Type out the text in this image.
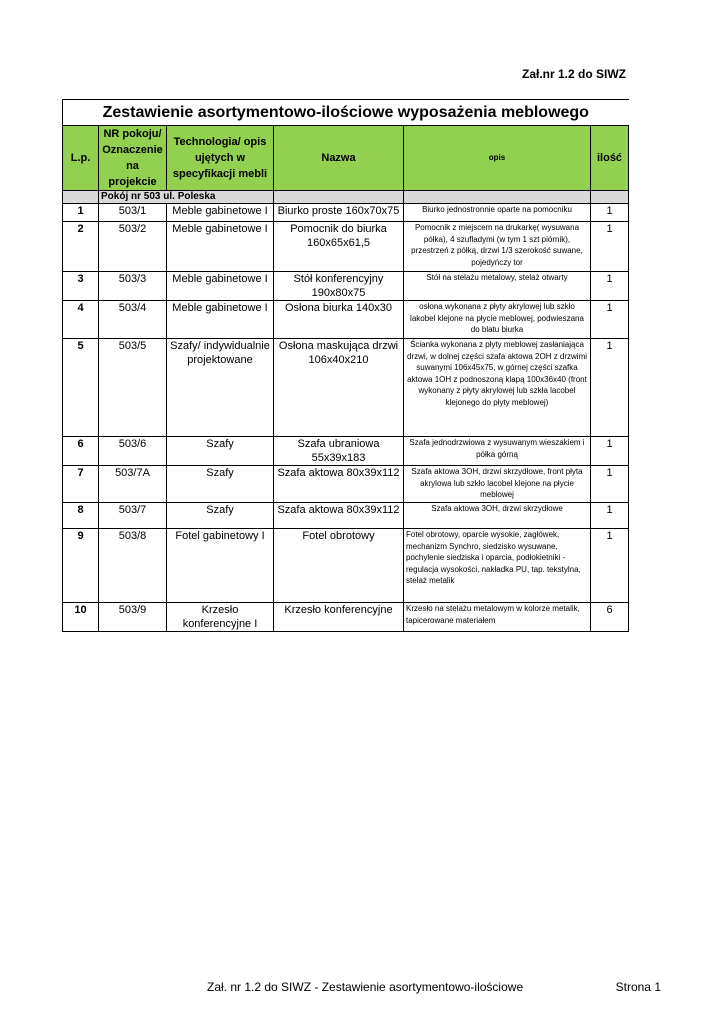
Zał.nr 1.2 do SIWZ
Zestawienie asortymentowo-ilościowe wyposażenia meblowego					
L.p.	NR pokoju/ Oznaczenie na projekcie	Technologia/ opis ujętych w specyfikacji mebli	Nazwa	opis	ilość
	Pokój nr 503 ul. Poleska				
1	503/1	Meble gabinetowe I	Biurko proste 160x70x75	Biurko jednostronnie oparte na pomocniku	1
2	503/2	Meble gabinetowe I	Pomocnik do biurka 160x65x61,5	Pomocnik z miejscem na drukarkę( wysuwana półka), 4 szufladymi (w tym 1 szt piórnik), przestrzeń z półką, drzwi 1/3 szerokość suwane, pojedyńczy tor	1
3	503/3	Meble gabinetowe I	Stół konferencyjny 190x80x75	Stół na stelażu metalowy, stelaż otwarty	1
4	503/4	Meble gabinetowe I	Osłona biurka 140x30	osłona wykonana z płyty akrylowej lub szkło lakobel klejone na płycie meblowej, podwieszana do blatu biurka	1
5	503/5	Szafy/ indywidualnie projektowane	Osłona maskująca drzwi 106x40x210	Ścianka wykonana z płyty meblowej zasłaniająca drzwi, w dolnej części szafa aktowa 2OH z drzwimi suwanymi 106x45x75, w górnej części szafka aktowa 1OH z podnoszoną klapą 100x36x40 (front wykonany z płyty akrylowej lub szkła lacobel klejonego do płyty meblowej)	1
6	503/6	Szafy	Szafa ubraniowa 55x39x183	Szafa jednodrzwiowa z wysuwanym wieszakiem i półka górną	1
7	503/7A	Szafy	Szafa aktowa 80x39x112	Szafa aktowa 3OH, drzwi skrzydłowe, front płyta akrylowa lub szkło lacobel klejone na płycie meblowej	1
8	503/7	Szafy	Szafa aktowa 80x39x112	Szafa aktowa 3OH, drzwi skrzydłowe	1
9	503/8	Fotel gabinetowy I	Fotel obrotowy	Fotel obrotowy, oparcie wysokie, zagłówek, mechanizm Synchro, siedzisko wysuwane, pochylenie siedziska i oparcia, podłokietniki - regulacja wysokości, nakładka PU, tap. tekstylna, stelaż metalik	1
10	503/9	Krzesło konferencyjne I	Krzesło konferencyjne	Krzesło na stelażu metalowym w kolorze metalik, tapicerowane materiałem	6
Zał. nr 1.2 do SIWZ - Zestawienie asortymentowo-ilościowe	Strona 1
